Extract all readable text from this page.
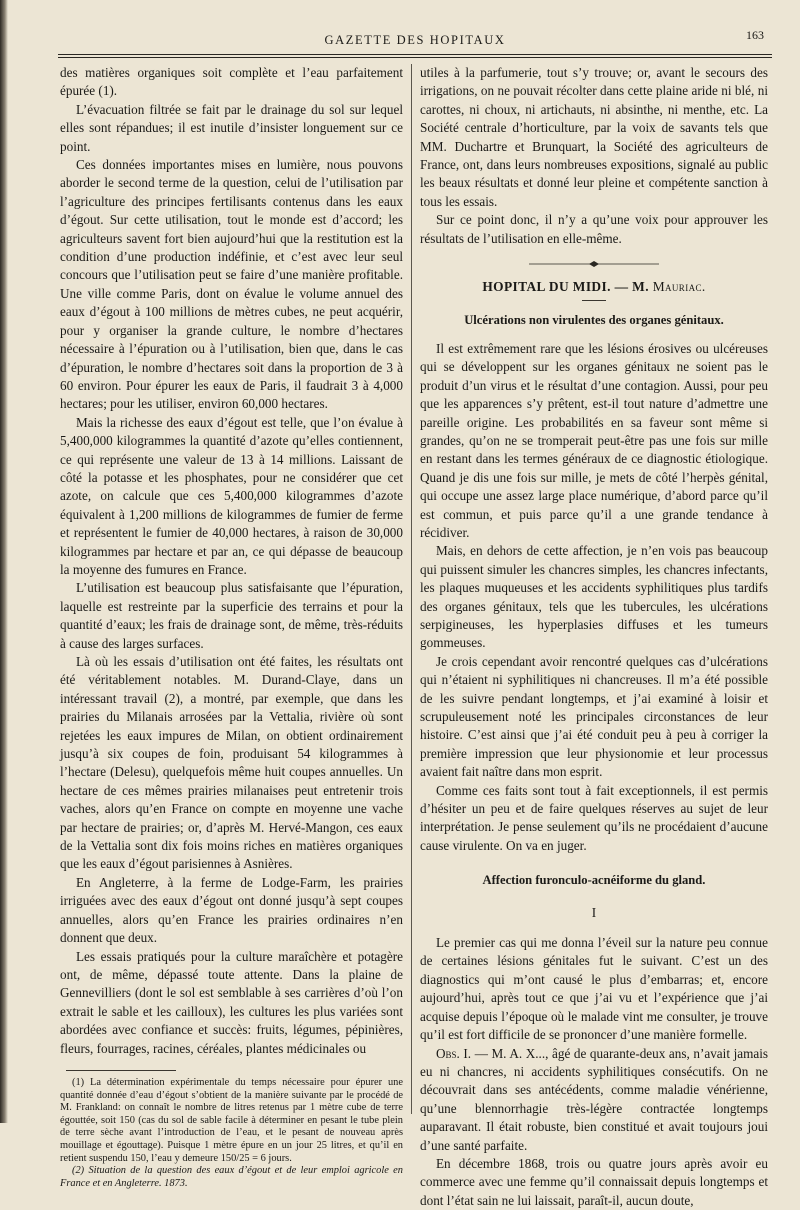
GAZETTE DES HOPITAUX	163

des matières organiques soit complète et l’eau parfaitement épurée (1).

L’évacuation filtrée se fait par le drainage du sol sur lequel elles sont répandues; il est inutile d’insister longuement sur ce point.

Ces données importantes mises en lumière, nous pouvons aborder le second terme de la question, celui de l’utilisation par l’agriculture des principes fertilisants contenus dans les eaux d’égout. Sur cette utilisation, tout le monde est d’accord; les agriculteurs savent fort bien aujourd’hui que la restitution est la condition d’une production indéfinie, et c’est avec leur seul concours que l’utilisation peut se faire d’une manière profitable. Une ville comme Paris, dont on évalue le volume annuel des eaux d’égout à 100 millions de mètres cubes, ne peut acquérir, pour y organiser la grande culture, le nombre d’hectares nécessaire à l’épuration ou à l’utilisation, bien que, dans le cas d’épuration, le nombre d’hectares soit dans la proportion de 3 à 60 environ. Pour épurer les eaux de Paris, il faudrait 3 à 4,000 hectares; pour les utiliser, environ 60,000 hectares.

Mais la richesse des eaux d’égout est telle, que l’on évalue à 5,400,000 kilogrammes la quantité d’azote qu’elles contiennent, ce qui représente une valeur de 13 à 14 millions. Laissant de côté la potasse et les phosphates, pour ne considérer que cet azote, on calcule que ces 5,400,000 kilogrammes d’azote équivalent à 1,200 millions de kilogrammes de fumier de ferme et représentent le fumier de 40,000 hectares, à raison de 30,000 kilogrammes par hectare et par an, ce qui dépasse de beaucoup la moyenne des fumures en France.

L’utilisation est beaucoup plus satisfaisante que l’épuration, laquelle est restreinte par la superficie des terrains et pour la quantité d’eaux; les frais de drainage sont, de même, très-réduits à cause des larges surfaces.

Là où les essais d’utilisation ont été faites, les résultats ont été véritablement notables. M. Durand-Claye, dans un intéressant travail (2), a montré, par exemple, que dans les prairies du Milanais arrosées par la Vettalia, rivière où sont rejetées les eaux impures de Milan, on obtient ordinairement jusqu’à six coupes de foin, produisant 54 kilogrammes à l’hectare (Delesu), quelquefois même huit coupes annuelles. Un hectare de ces mêmes prairies milanaises peut entretenir trois vaches, alors qu’en France on compte en moyenne une vache par hectare de prairies; or, d’après M. Hervé-Mangon, ces eaux de la Vettalia sont dix fois moins riches en matières organiques que les eaux d’égout parisiennes à Asnières.

En Angleterre, à la ferme de Lodge-Farm, les prairies irriguées avec des eaux d’égout ont donné jusqu’à sept coupes annuelles, alors qu’en France les prairies ordinaires n’en donnent que deux.

Les essais pratiqués pour la culture maraîchère et potagère ont, de même, dépassé toute attente. Dans la plaine de Gennevilliers (dont le sol est semblable à ses carrières d’où l’on extrait le sable et les cailloux), les cultures les plus variées sont abordées avec confiance et succès: fruits, légumes, pépinières, fleurs, fourrages, racines, céréales, plantes médicinales ou

(1) La détermination expérimentale du temps nécessaire pour épurer une quantité donnée d’eau d’égout s’obtient de la manière suivante par le procédé de M. Frankland: on connaît le nombre de litres retenus par 1 mètre cube de terre égouttée, soit 150 (cas du sol de sable facile à déterminer en pesant le tube plein de terre sèche avant l’introduction de l’eau, et le pesant de nouveau après mouillage et égouttage). Puisque 1 mètre épure en un jour 25 litres, et qu’il en retient suspendu 150, l’eau y demeure 150/25 = 6 jours.

(2) Situation de la question des eaux d’égout et de leur emploi agricole en France et en Angleterre. 1873.

utiles à la parfumerie, tout s’y trouve; or, avant le secours des irrigations, on ne pouvait récolter dans cette plaine aride ni blé, ni carottes, ni choux, ni artichauts, ni absinthe, ni menthe, etc. La Société centrale d’horticulture, par la voix de savants tels que MM. Duchartre et Brunquart, la Société des agriculteurs de France, ont, dans leurs nombreuses expositions, signalé au public les beaux résultats et donné leur pleine et compétente sanction à tous les essais.

Sur ce point donc, il n’y a qu’une voix pour approuver les résultats de l’utilisation en elle-même.

HOPITAL DU MIDI. — M. Mauriac.
Ulcérations non virulentes des organes génitaux.

Il est extrêmement rare que les lésions érosives ou ulcéreuses qui se développent sur les organes génitaux ne soient pas le produit d’un virus et le résultat d’une contagion. Aussi, pour peu que les apparences s’y prêtent, est-il tout nature d’admettre une pareille origine. Les probabilités en sa faveur sont même si grandes, qu’on ne se tromperait peut-être pas une fois sur mille en restant dans les termes généraux de ce diagnostic étiologique. Quand je dis une fois sur mille, je mets de côté l’herpès génital, qui occupe une assez large place numérique, d’abord parce qu’il est commun, et puis parce qu’il a une grande tendance à récidiver.

Mais, en dehors de cette affection, je n’en vois pas beaucoup qui puissent simuler les chancres simples, les chancres infectants, les plaques muqueuses et les accidents syphilitiques plus tardifs des organes génitaux, tels que les tubercules, les ulcérations serpigineuses, les hyperplasies diffuses et les tumeurs gommeuses.

Je crois cependant avoir rencontré quelques cas d’ulcérations qui n’étaient ni syphilitiques ni chancreuses. Il m’a été possible de les suivre pendant longtemps, et j’ai examiné à loisir et scrupuleusement noté les principales circonstances de leur histoire. C’est ainsi que j’ai été conduit peu à peu à corriger la première impression que leur physionomie et leur processus avaient fait naître dans mon esprit.

Comme ces faits sont tout à fait exceptionnels, il est permis d’hésiter un peu et de faire quelques réserves au sujet de leur interprétation. Je pense seulement qu’ils ne procédaient d’aucune cause virulente. On va en juger.

Affection furonculo-acnéiforme du gland.
I

Le premier cas qui me donna l’éveil sur la nature peu connue de certaines lésions génitales fut le suivant. C’est un des diagnostics qui m’ont causé le plus d’embarras; et, encore aujourd’hui, après tout ce que j’ai vu et l’expérience que j’ai acquise depuis l’époque où le malade vint me consulter, je trouve qu’il est fort difficile de se prononcer d’une manière formelle.

Obs. I. — M. A. X..., âgé de quarante-deux ans, n’avait jamais eu ni chancres, ni accidents syphilitiques consécutifs. On ne découvrait dans ses antécédents, comme maladie vénérienne, qu’une blennorrhagie très-légère contractée longtemps auparavant. Il était robuste, bien constitué et avait toujours joui d’une santé parfaite.

En décembre 1868, trois ou quatre jours après avoir eu commerce avec une femme qu’il connaissait depuis longtemps et dont l’état sain ne lui laissait, paraît-il, aucun doute,
